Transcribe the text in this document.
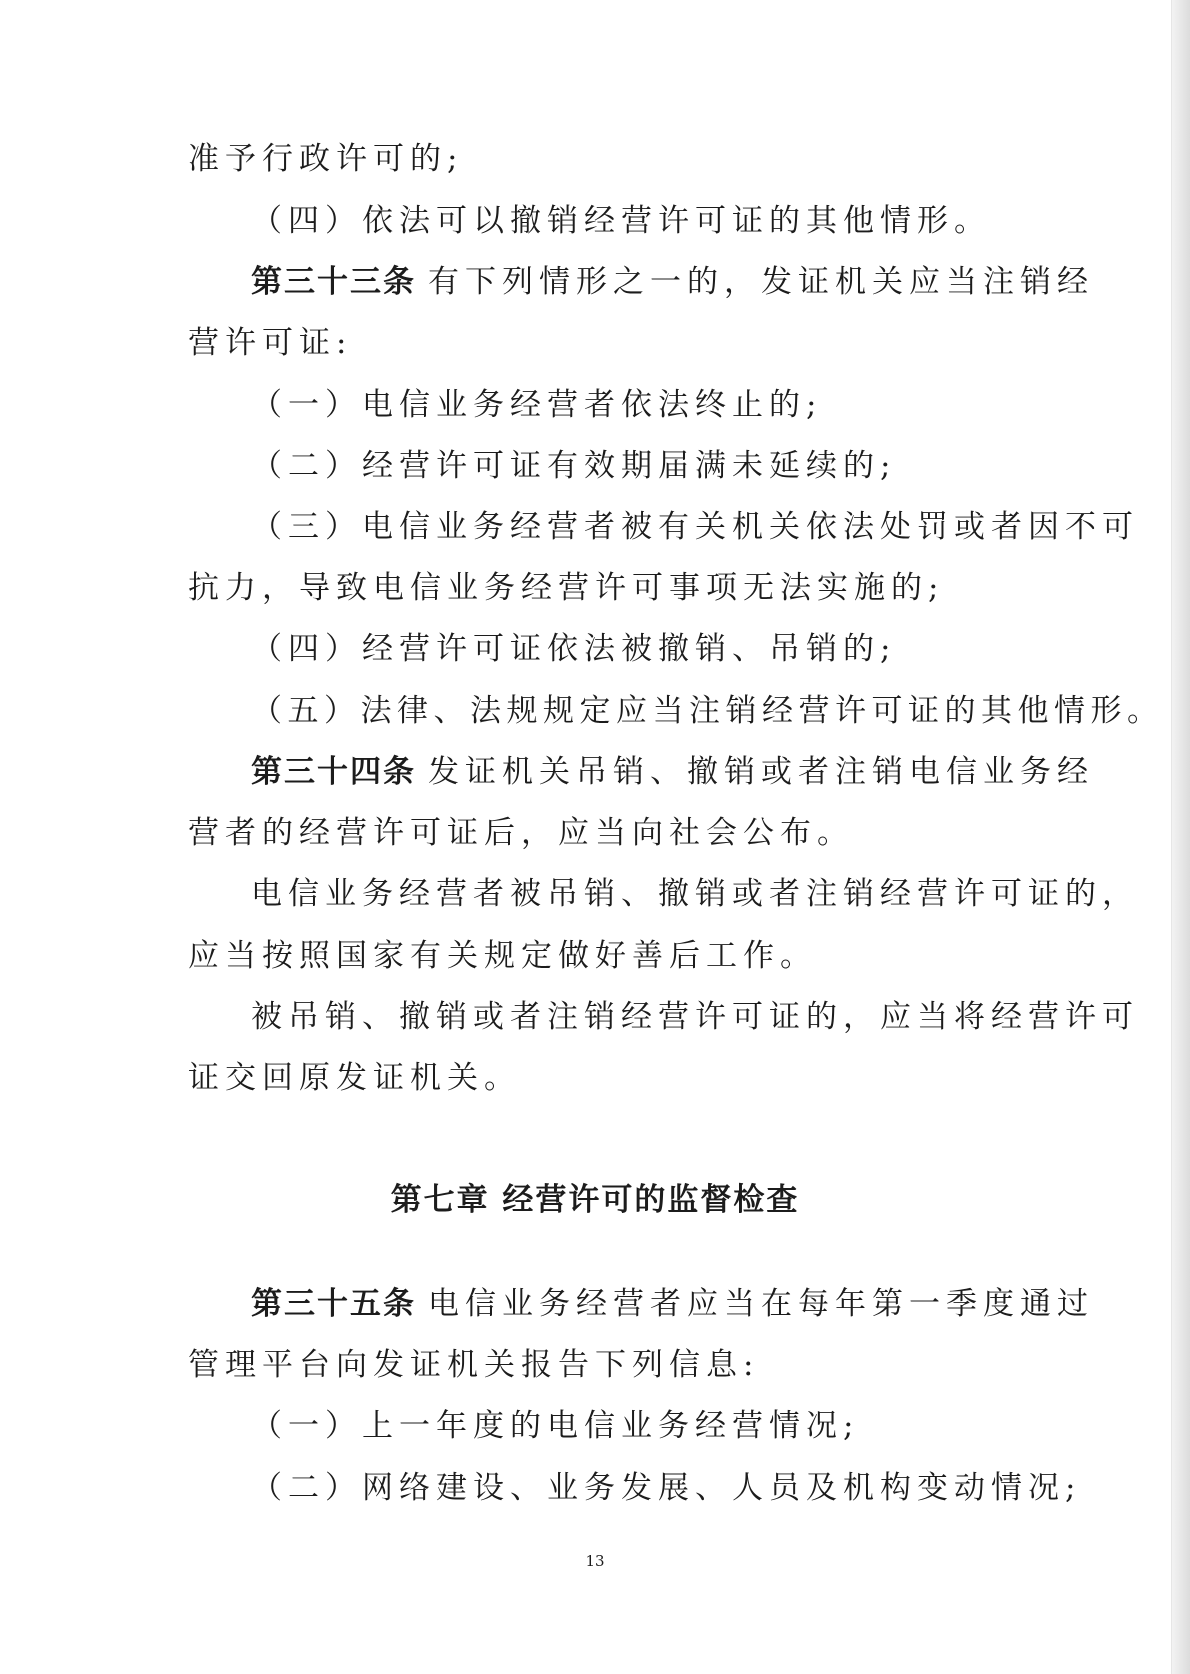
准予行政许可的;
（四）依法可以撤销经营许可证的其他情形。
第三十三条 有下列情形之一的，发证机关应当注销经
营许可证:
（一）电信业务经营者依法终止的;
（二）经营许可证有效期届满未延续的;
（三）电信业务经营者被有关机关依法处罚或者因不可
抗力，导致电信业务经营许可事项无法实施的;
（四）经营许可证依法被撤销、吊销的;
（五）法律、法规规定应当注销经营许可证的其他情形。
第三十四条 发证机关吊销、撤销或者注销电信业务经
营者的经营许可证后，应当向社会公布。
电信业务经营者被吊销、撤销或者注销经营许可证的，
应当按照国家有关规定做好善后工作。
被吊销、撤销或者注销经营许可证的，应当将经营许可
证交回原发证机关。
第七章 经营许可的监督检查
第三十五条 电信业务经营者应当在每年第一季度通过
管理平台向发证机关报告下列信息:
（一）上一年度的电信业务经营情况;
（二）网络建设、业务发展、人员及机构变动情况;
13
